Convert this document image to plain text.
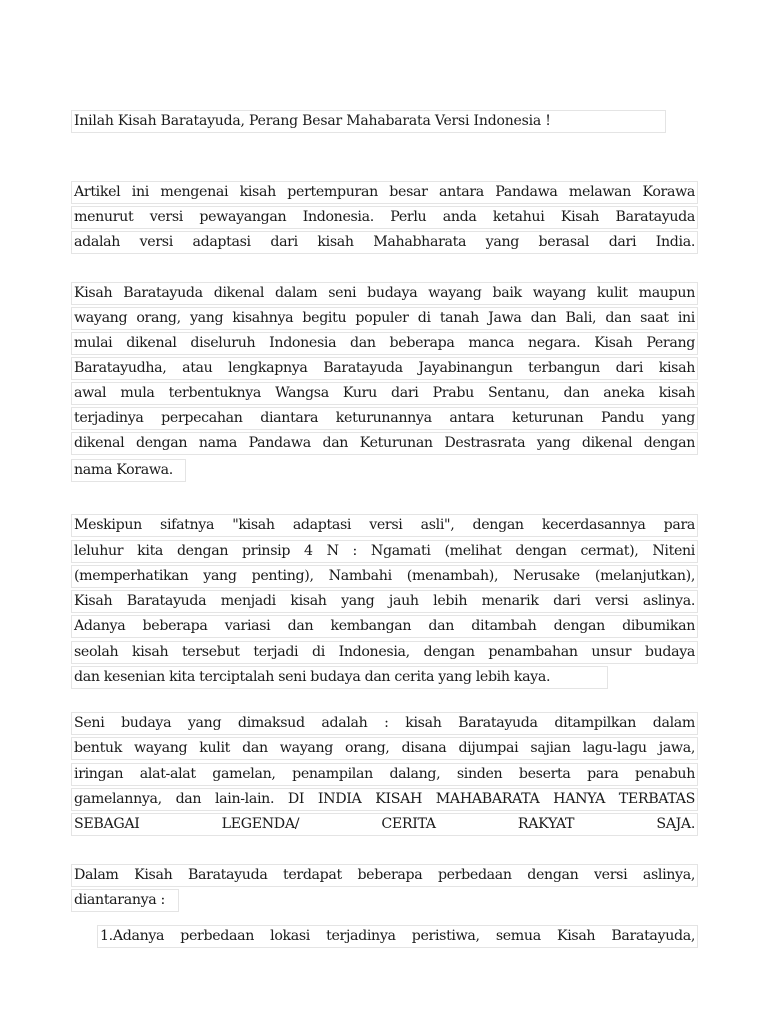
Inilah Kisah Baratayuda, Perang Besar Mahabarata Versi Indonesia !
Artikel ini mengenai kisah pertempuran besar antara Pandawa melawan Korawa
menurut versi pewayangan Indonesia. Perlu anda ketahui Kisah Baratayuda
adalah versi adaptasi dari kisah Mahabharata yang berasal dari India.
Kisah Baratayuda dikenal dalam seni budaya wayang baik wayang kulit maupun
wayang orang, yang kisahnya begitu populer di tanah Jawa dan Bali, dan saat ini
mulai dikenal diseluruh Indonesia dan beberapa manca negara. Kisah Perang
Baratayudha, atau lengkapnya Baratayuda Jayabinangun terbangun dari kisah
awal mula terbentuknya Wangsa Kuru dari Prabu Sentanu, dan aneka kisah
terjadinya perpecahan diantara keturunannya antara keturunan Pandu yang
dikenal dengan nama Pandawa dan Keturunan Destrasrata yang dikenal dengan
nama Korawa.
Meskipun sifatnya "kisah adaptasi versi asli", dengan kecerdasannya para
leluhur kita dengan prinsip 4 N : Ngamati (melihat dengan cermat), Niteni
(memperhatikan yang penting), Nambahi (menambah), Nerusake (melanjutkan),
Kisah Baratayuda menjadi kisah yang jauh lebih menarik dari versi aslinya.
Adanya beberapa variasi dan kembangan dan ditambah dengan dibumikan
seolah kisah tersebut terjadi di Indonesia, dengan penambahan unsur budaya
dan kesenian kita terciptalah seni budaya dan cerita yang lebih kaya.
Seni budaya yang dimaksud adalah : kisah Baratayuda ditampilkan dalam
bentuk wayang kulit dan wayang orang, disana dijumpai sajian lagu-lagu jawa,
iringan alat-alat gamelan, penampilan dalang, sinden beserta para penabuh
gamelannya, dan lain-lain. DI INDIA KISAH MAHABARATA HANYA TERBATAS
SEBAGAI LEGENDA/ CERITA RAKYAT SAJA.
Dalam Kisah Baratayuda terdapat beberapa perbedaan dengan versi aslinya,
diantaranya :
1.Adanya perbedaan lokasi terjadinya peristiwa, semua Kisah Baratayuda,
